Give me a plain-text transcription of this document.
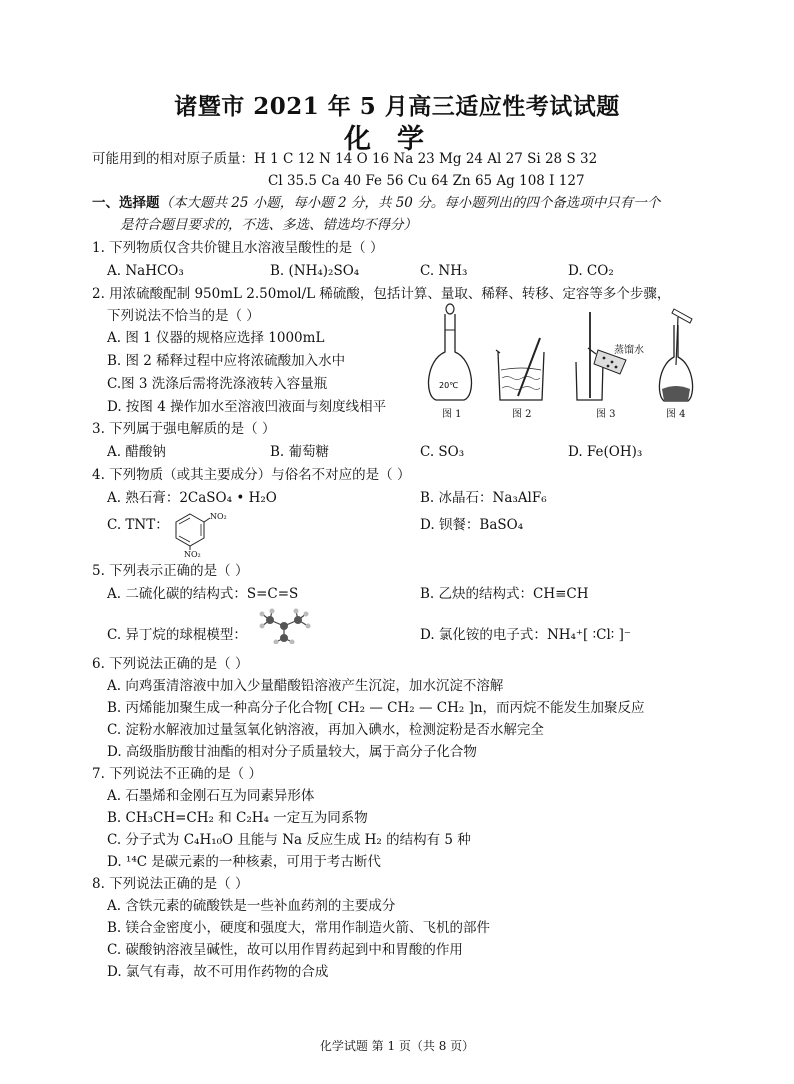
诸暨市 2021 年 5 月高三适应性考试试题
化学
可能用到的相对原子质量：H 1 C 12 N 14 O 16 Na 23 Mg 24 Al 27 Si 28 S 32
Cl 35.5 Ca 40 Fe 56 Cu 64 Zn 65 Ag 108 I 127
一、选择题（本大题共 25 小题，每小题 2 分，共 50 分。每小题列出的四个备选项中只有一个
是符合题目要求的，不选、多选、错选均不得分）
1. 下列物质仅含共价键且水溶液呈酸性的是（ ）
A. NaHCO₃	B. (NH₄)₂SO₄	C. NH₃	D. CO₂
2. 用浓硫酸配制 950mL 2.50mol/L 稀硫酸，包括计算、量取、稀释、转移、定容等多个步骤，
下列说法不恰当的是（ ）
A. 图 1 仪器的规格应选择 1000mL
B. 图 2 稀释过程中应将浓硫酸加入水中
C.图 3 洗涤后需将洗涤液转入容量瓶
D. 按图 4 操作加水至溶液凹液面与刻度线相平
20℃
图 1	图 2
蒸馏水
图 3	图 4
3. 下列属于强电解质的是（ ）
A. 醋酸钠	B. 葡萄糖	C. SO₃	D. Fe(OH)₃
4. 下列物质（或其主要成分）与俗名不对应的是（ ）
A. 熟石膏：2CaSO₄ • H₂O	B. 冰晶石：Na₃AlF₆
C. TNT：
NO₂
NO₂
D. 钡餐：BaSO₄
5. 下列表示正确的是（ ）
A. 二硫化碳的结构式：S=C=S	B. 乙炔的结构式：CH≡CH
C. 异丁烷的球棍模型：	D. 氯化铵的电子式：NH₄⁺[ ∶Cl∶ ]⁻
6. 下列说法正确的是（ ）
A. 向鸡蛋清溶液中加入少量醋酸铅溶液产生沉淀，加水沉淀不溶解
B. 丙烯能加聚生成一种高分子化合物[ CH₂ — CH₂ — CH₂ ]n，而丙烷不能发生加聚反应
C. 淀粉水解液加过量氢氧化钠溶液，再加入碘水，检测淀粉是否水解完全
D. 高级脂肪酸甘油酯的相对分子质量较大，属于高分子化合物
7. 下列说法不正确的是（ ）
A. 石墨烯和金刚石互为同素异形体
B. CH₃CH=CH₂ 和 C₂H₄ 一定互为同系物
C. 分子式为 C₄H₁₀O 且能与 Na 反应生成 H₂ 的结构有 5 种
D. ¹⁴C 是碳元素的一种核素，可用于考古断代
8. 下列说法正确的是（ ）
A. 含铁元素的硫酸铁是一些补血药剂的主要成分
B. 镁合金密度小，硬度和强度大，常用作制造火箭、飞机的部件
C. 碳酸钠溶液呈碱性，故可以用作胃药起到中和胃酸的作用
D. 氯气有毒，故不可用作药物的合成
化学试题 第 1 页（共 8 页）
